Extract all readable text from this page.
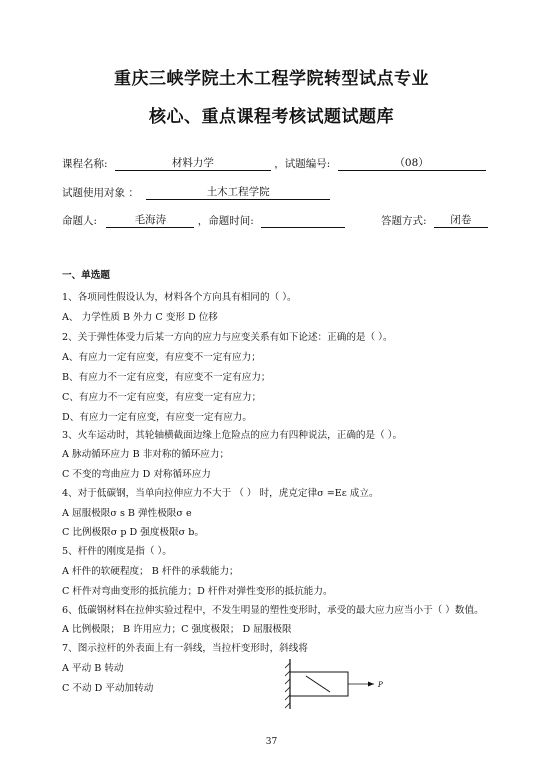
重庆三峡学院土木工程学院转型试点专业
核心、重点课程考核试题试题库
课程名称:	材料力学	，试题编号:	（08）
试题使用对象 ：	土木工程学院
命题人:	毛海涛	，命题时间:	答题方式: 闭卷
一、单选题
1、各项同性假设认为，材料各个方向具有相同的（ ）。
A、 力学性质 B 外力 C 变形 D 位移
2、关于弹性体受力后某一方向的应力与应变关系有如下论述：正确的是（ ）。
A、有应力一定有应变，有应变不一定有应力；
B、有应力不一定有应变，有应变不一定有应力；
C、有应力不一定有应变，有应变一定有应力；
D、有应力一定有应变，有应变一定有应力。
3、火车运动时，其轮轴横截面边缘上危险点的应力有四种说法，正确的是（ ）。
A 脉动循环应力 B 非对称的循环应力；
C 不变的弯曲应力 D 对称循环应力
4、对于低碳钢，当单向拉伸应力不大于 （ ） 时，虎克定律σ =Eε 成立。
A 屈服极限σ s B 弹性极限σ e
C 比例极限σ p D 强度极限σ b。
5、杆件的刚度是指（ ）。
A 杆件的软硬程度； B 杆件的承载能力；
C 杆件对弯曲变形的抵抗能力；D 杆件对弹性变形的抵抗能力。
6、低碳钢材料在拉伸实验过程中，不发生明显的塑性变形时，承受的最大应力应当小于（ ）数值。
A 比例极限； B 许用应力；C 强度极限； D 屈服极限
7、图示拉杆的外表面上有一斜线，当拉杆变形时，斜线将
A 平动 B 转动
C 不动 D 平动加转动	P
37
